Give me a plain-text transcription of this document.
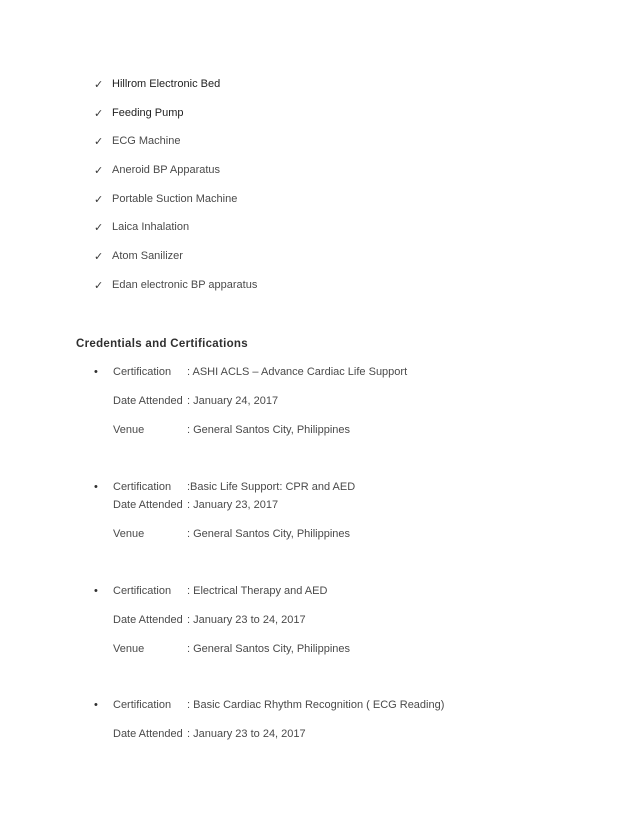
✓ Hillrom Electronic Bed
✓ Feeding Pump
✓ ECG Machine
✓ Aneroid BP Apparatus
✓ Portable Suction Machine
✓ Laica Inhalation
✓ Atom Sanilizer
✓ Edan electronic BP apparatus
Credentials and Certifications
•	Certification : ASHI ACLS – Advance Cardiac Life Support
Date Attended : January 24, 2017
Venue	: General Santos City, Philippines
•	Certification :Basic Life Support: CPR and AED
Date Attended : January 23, 2017
Venue	: General Santos City, Philippines
•	Certification : Electrical Therapy and AED
Date Attended : January 23 to 24, 2017
Venue	: General Santos City, Philippines
•	Certification : Basic Cardiac Rhythm Recognition ( ECG Reading)
Date Attended : January 23 to 24, 2017
